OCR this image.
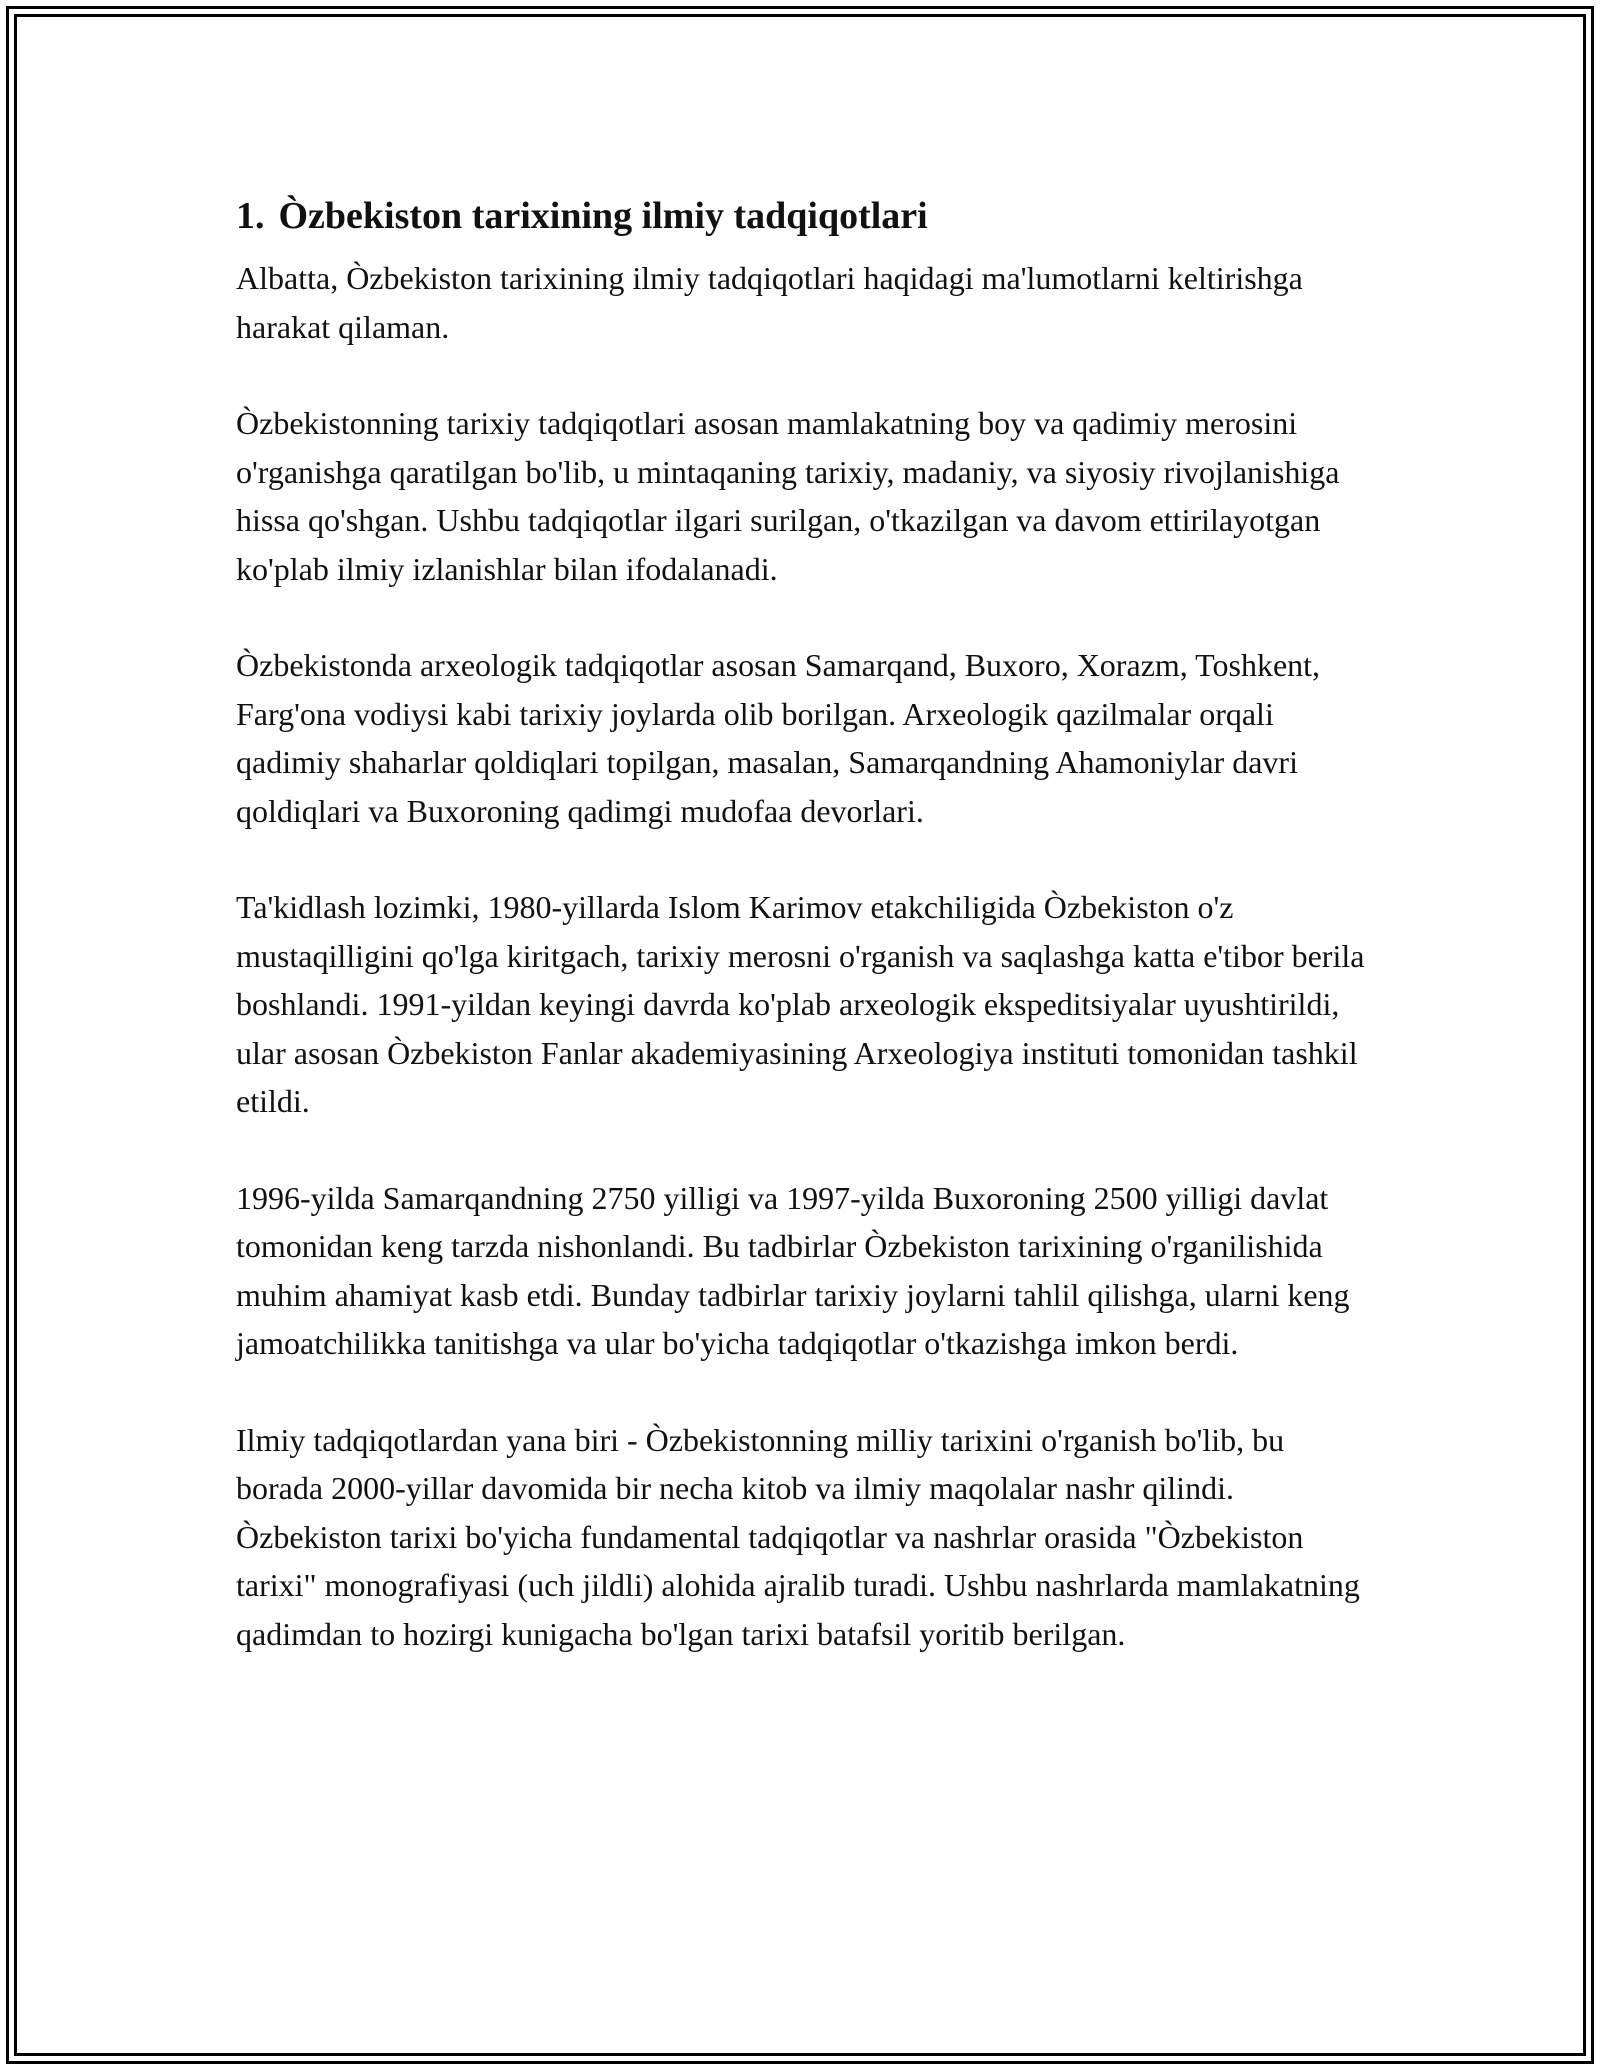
1. Òzbekiston tarixining ilmiy tadqiqotlari

Albatta, Òzbekiston tarixining ilmiy tadqiqotlari haqidagi ma'lumotlarni keltirishga harakat qilaman.

Òzbekistonning tarixiy tadqiqotlari asosan mamlakatning boy va qadimiy merosini o'rganishga qaratilgan bo'lib, u mintaqaning tarixiy, madaniy, va siyosiy rivojlanishiga hissa qo'shgan. Ushbu tadqiqotlar ilgari surilgan, o'tkazilgan va davom ettirilayotgan ko'plab ilmiy izlanishlar bilan ifodalanadi.

Òzbekistonda arxeologik tadqiqotlar asosan Samarqand, Buxoro, Xorazm, Toshkent, Farg'ona vodiysi kabi tarixiy joylarda olib borilgan. Arxeologik qazilmalar orqali qadimiy shaharlar qoldiqlari topilgan, masalan, Samarqandning Ahamoniylar davri qoldiqlari va Buxoroning qadimgi mudofaa devorlari.

Ta'kidlash lozimki, 1980-yillarda Islom Karimov etakchiligida Òzbekiston o'z mustaqilligini qo'lga kiritgach, tarixiy merosni o'rganish va saqlashga katta e'tibor berila boshlandi. 1991-yildan keyingi davrda ko'plab arxeologik ekspeditsiyalar uyushtirildi, ular asosan Òzbekiston Fanlar akademiyasining Arxeologiya instituti tomonidan tashkil etildi.

1996-yilda Samarqandning 2750 yilligi va 1997-yilda Buxoroning 2500 yilligi davlat tomonidan keng tarzda nishonlandi. Bu tadbirlar Òzbekiston tarixining o'rganilishida muhim ahamiyat kasb etdi. Bunday tadbirlar tarixiy joylarni tahlil qilishga, ularni keng jamoatchilikka tanitishga va ular bo'yicha tadqiqotlar o'tkazishga imkon berdi.

Ilmiy tadqiqotlardan yana biri - Òzbekistonning milliy tarixini o'rganish bo'lib, bu borada 2000-yillar davomida bir necha kitob va ilmiy maqolalar nashr qilindi. Òzbekiston tarixi bo'yicha fundamental tadqiqotlar va nashrlar orasida "Òzbekiston tarixi" monografiyasi (uch jildli) alohida ajralib turadi. Ushbu nashrlarda mamlakatning qadimdan to hozirgi kunigacha bo'lgan tarixi batafsil yoritib berilgan.
